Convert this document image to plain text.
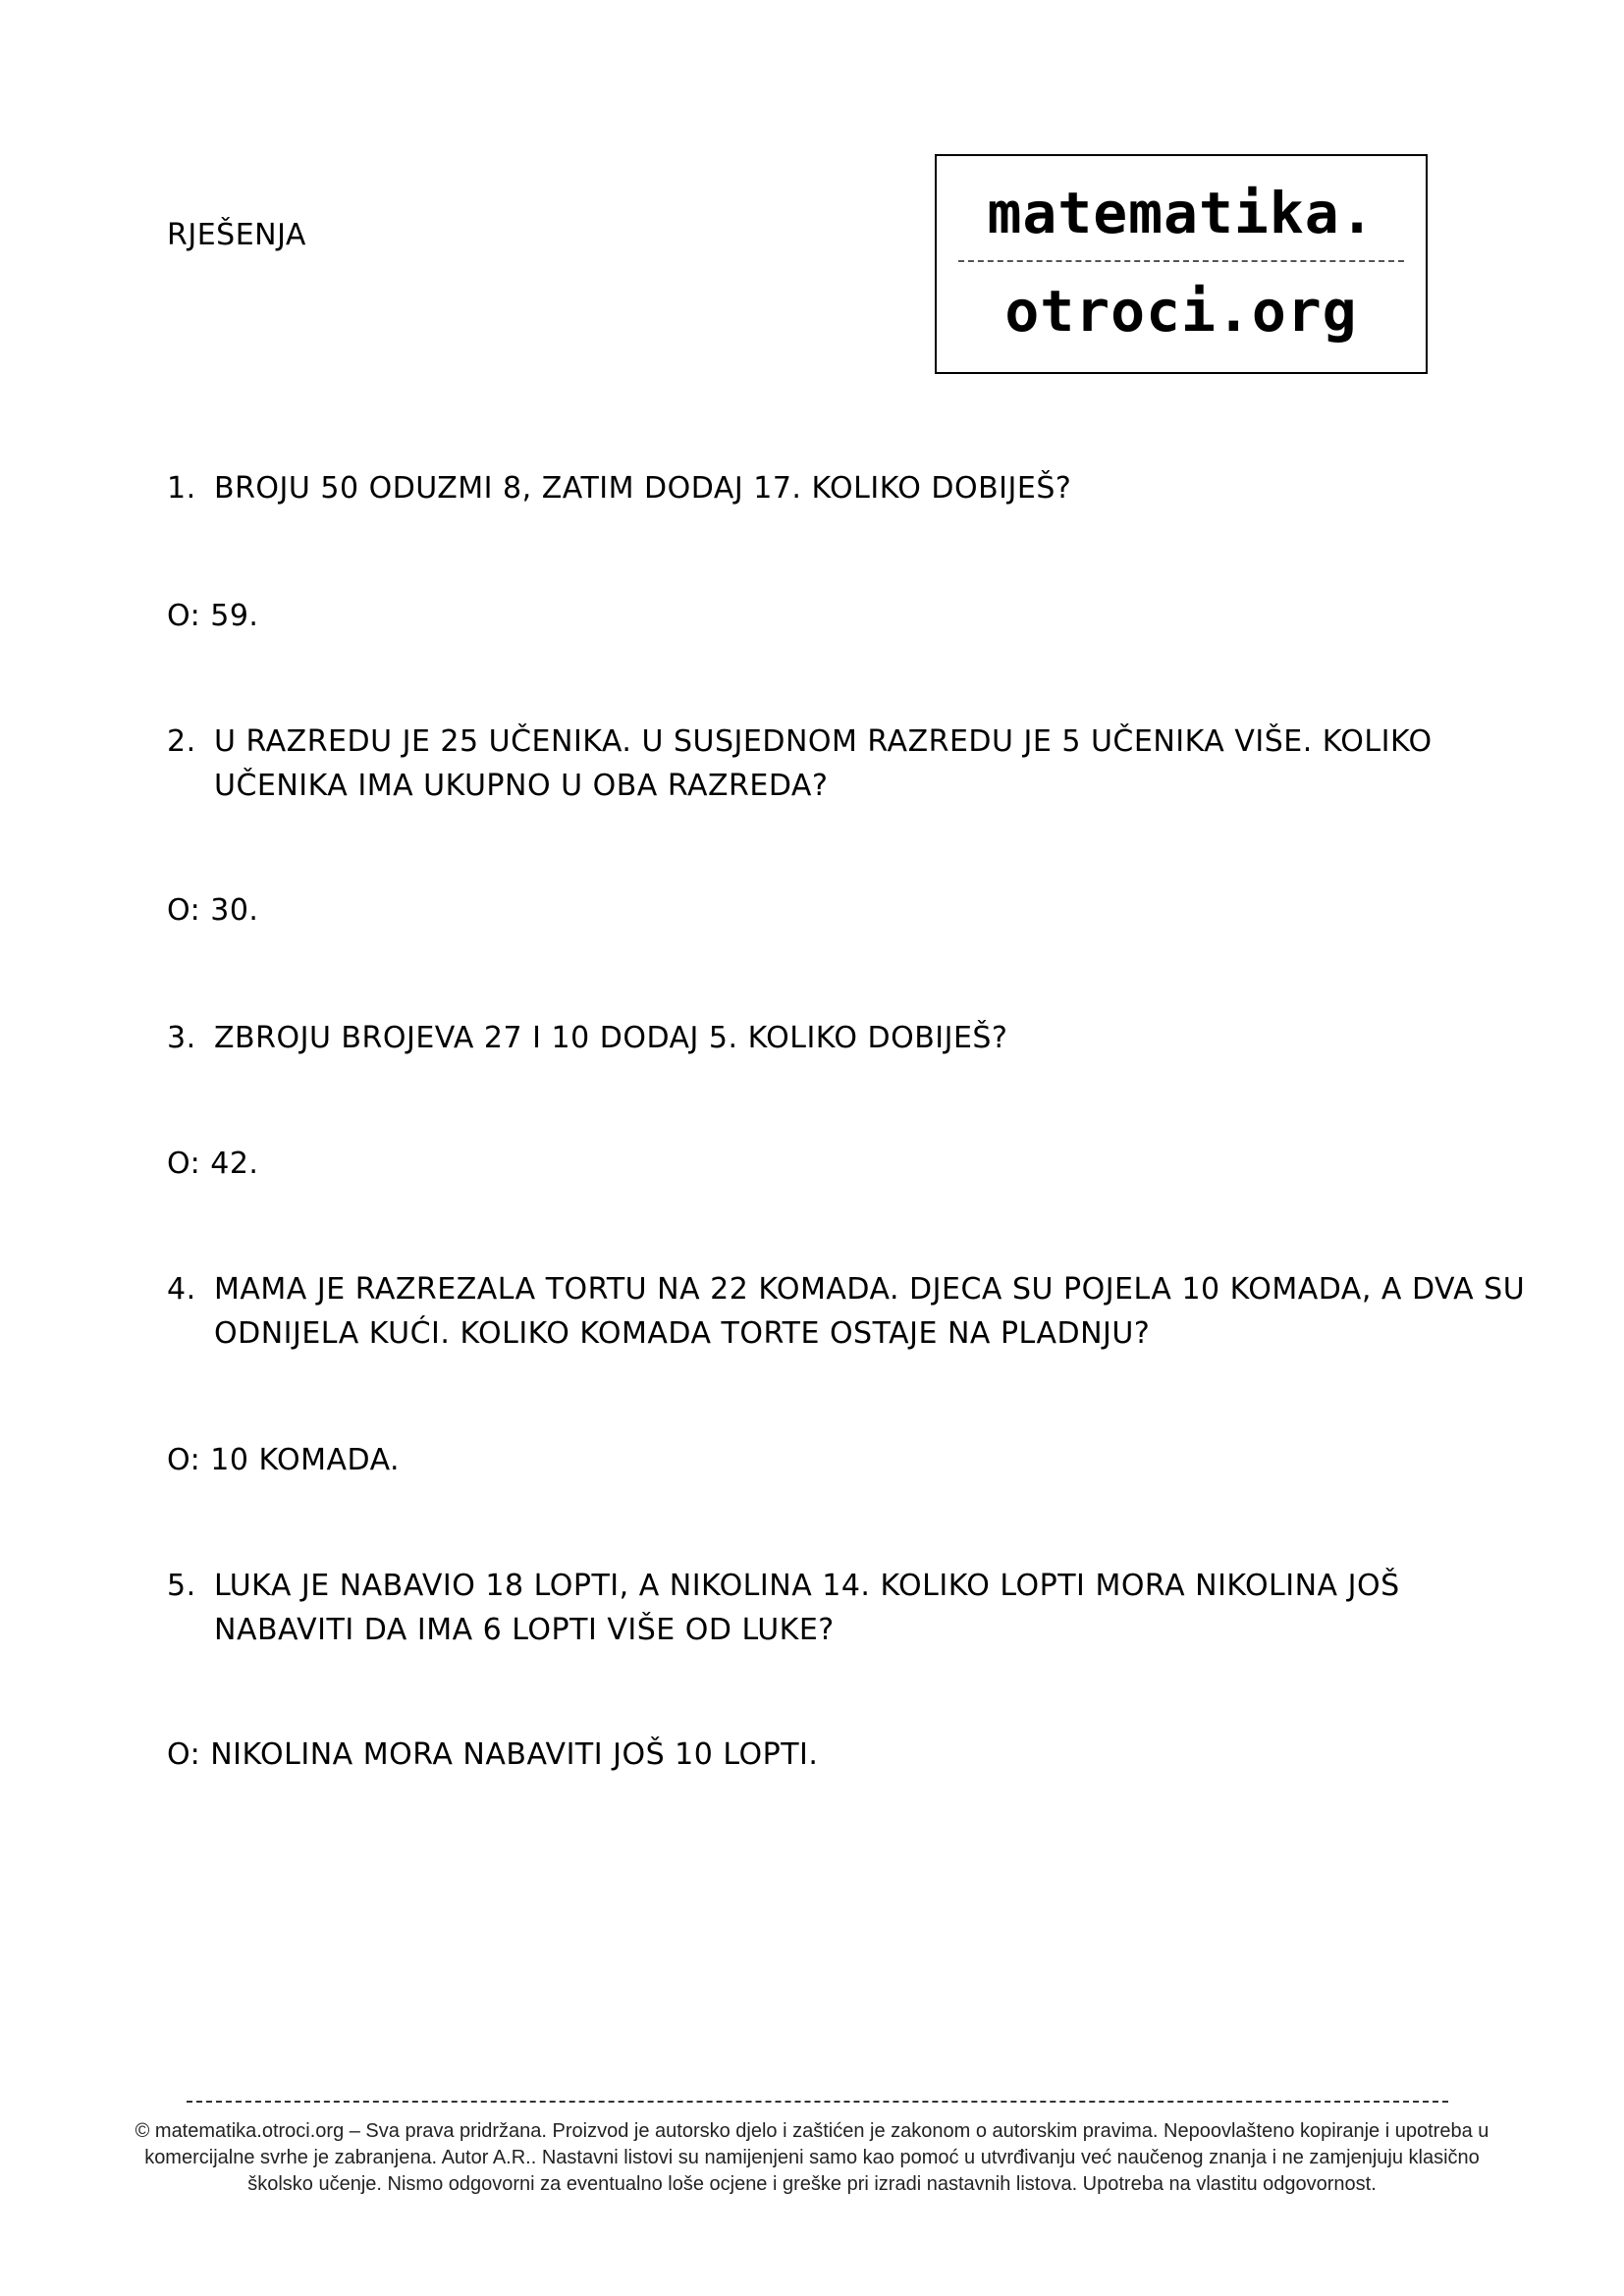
RJEŠENJA	matematika.
otroci.org
1. BROJU 50 ODUZMI 8, ZATIM DODAJ 17. KOLIKO DOBIJEŠ?
O: 59.
2. U RAZREDU JE 25 UČENIKA. U SUSJEDNOM RAZREDU JE 5 UČENIKA VIŠE. KOLIKO UČENIKA IMA UKUPNO U OBA RAZREDA?
O: 30.
3. ZBROJU BROJEVA 27 I 10 DODAJ 5. KOLIKO DOBIJEŠ?
O: 42.
4. MAMA JE RAZREZALA TORTU NA 22 KOMADA. DJECA SU POJELA 10 KOMADA, A DVA SU ODNIJELA KUĆI. KOLIKO KOMADA TORTE OSTAJE NA PLADNJU?
O: 10 KOMADA.
5. LUKA JE NABAVIO 18 LOPTI, A NIKOLINA 14. KOLIKO LOPTI MORA NIKOLINA JOŠ NABAVITI DA IMA 6 LOPTI VIŠE OD LUKE?
O: NIKOLINA MORA NABAVITI JOŠ 10 LOPTI.
© matematika.otroci.org – Sva prava pridržana. Proizvod je autorsko djelo i zaštićen je zakonom o autorskim pravima. Nepoovlašteno kopiranje i upotreba u
komercijalne svrhe je zabranjena. Autor A.R.. Nastavni listovi su namijenjeni samo kao pomoć u utvrđivanju već naučenog znanja i ne zamjenjuju klasično
školsko učenje. Nismo odgovorni za eventualno loše ocjene i greške pri izradi nastavnih listova. Upotreba na vlastitu odgovornost.
